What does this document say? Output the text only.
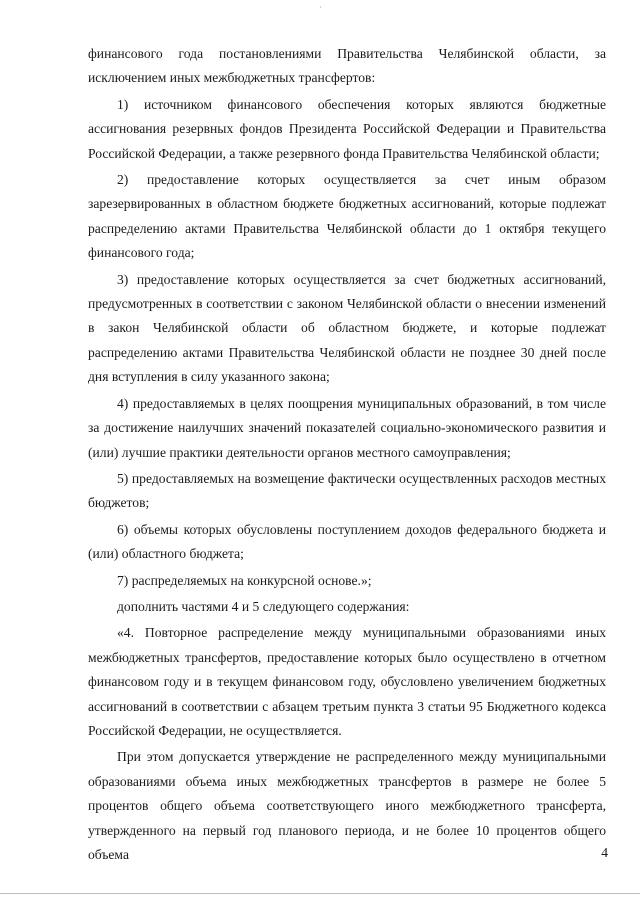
финансового года постановлениями Правительства Челябинской области, за исключением иных межбюджетных трансфертов:

1) источником финансового обеспечения которых являются бюджетные ассигнования резервных фондов Президента Российской Федерации и Правительства Российской Федерации, а также резервного фонда Правительства Челябинской области;

2) предоставление которых осуществляется за счет иным образом зарезервированных в областном бюджете бюджетных ассигнований, которые подлежат распределению актами Правительства Челябинской области до 1 октября текущего финансового года;

3) предоставление которых осуществляется за счет бюджетных ассигнований, предусмотренных в соответствии с законом Челябинской области о внесении изменений в закон Челябинской области об областном бюджете, и которые подлежат распределению актами Правительства Челябинской области не позднее 30 дней после дня вступления в силу указанного закона;

4) предоставляемых в целях поощрения муниципальных образований, в том числе за достижение наилучших значений показателей социально-экономического развития и (или) лучшие практики деятельности органов местного самоуправления;

5) предоставляемых на возмещение фактически осуществленных расходов местных бюджетов;

6) объемы которых обусловлены поступлением доходов федерального бюджета и (или) областного бюджета;

7) распределяемых на конкурсной основе.»;

дополнить частями 4 и 5 следующего содержания:

«4. Повторное распределение между муниципальными образованиями иных межбюджетных трансфертов, предоставление которых было осуществлено в отчетном финансовом году и в текущем финансовом году, обусловлено увеличением бюджетных ассигнований в соответствии с абзацем третьим пункта 3 статьи 95 Бюджетного кодекса Российской Федерации, не осуществляется.

При этом допускается утверждение не распределенного между муниципальными образованиями объема иных межбюджетных трансфертов в размере не более 5 процентов общего объема соответствующего иного межбюджетного трансферта, утвержденного на первый год планового периода, и не более 10 процентов общего объема	4
